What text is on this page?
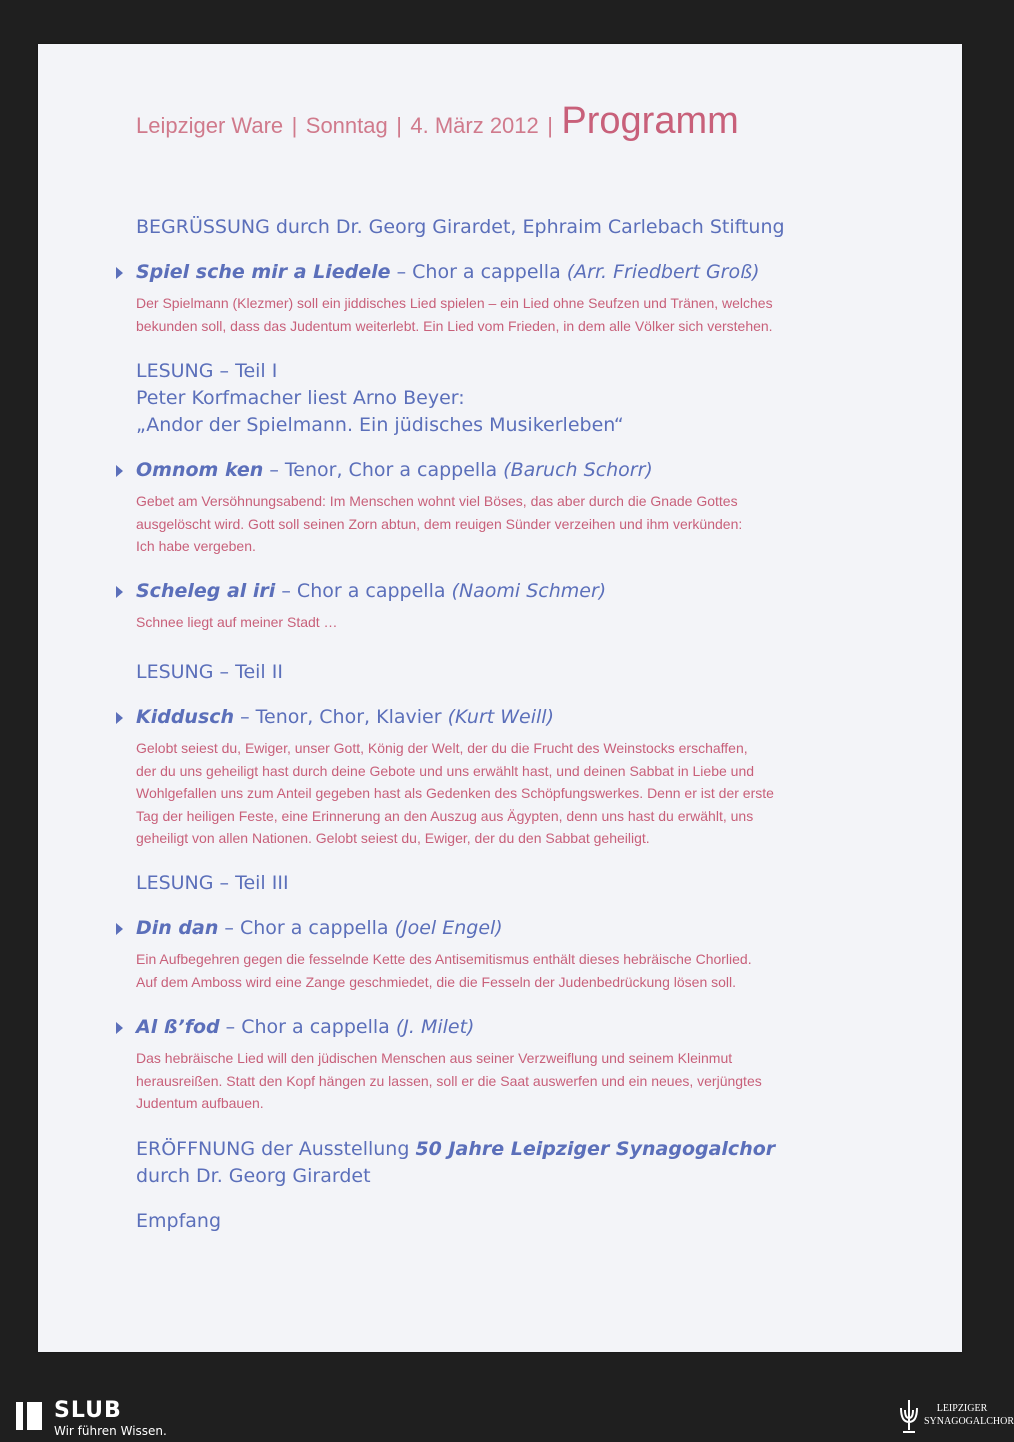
Leipziger Ware | Sonntag | 4. März 2012 | Programm
BEGRÜSSUNG durch Dr. Georg Girardet, Ephraim Carlebach Stiftung
Spiel sche mir a Liedele – Chor a cappella (Arr. Friedbert Groß)
Der Spielmann (Klezmer) soll ein jiddisches Lied spielen – ein Lied ohne Seufzen und Tränen, welches
bekunden soll, dass das Judentum weiterlebt. Ein Lied vom Frieden, in dem alle Völker sich verstehen.
LESUNG – Teil I
Peter Korfmacher liest Arno Beyer:
„Andor der Spielmann. Ein jüdisches Musikerleben“
Omnom ken – Tenor, Chor a cappella (Baruch Schorr)
Gebet am Versöhnungsabend: Im Menschen wohnt viel Böses, das aber durch die Gnade Gottes
ausgelöscht wird. Gott soll seinen Zorn abtun, dem reuigen Sünder verzeihen und ihm verkünden:
Ich habe vergeben.
Scheleg al iri – Chor a cappella (Naomi Schmer)
Schnee liegt auf meiner Stadt …
LESUNG – Teil II
Kiddusch – Tenor, Chor, Klavier (Kurt Weill)
Gelobt seiest du, Ewiger, unser Gott, König der Welt, der du die Frucht des Weinstocks erschaffen,
der du uns geheiligt hast durch deine Gebote und uns erwählt hast, und deinen Sabbat in Liebe und
Wohlgefallen uns zum Anteil gegeben hast als Gedenken des Schöpfungswerkes. Denn er ist der erste
Tag der heiligen Feste, eine Erinnerung an den Auszug aus Ägypten, denn uns hast du erwählt, uns
geheiligt von allen Nationen. Gelobt seiest du, Ewiger, der du den Sabbat geheiligt.
LESUNG – Teil III
Din dan – Chor a cappella (Joel Engel)
Ein Aufbegehren gegen die fesselnde Kette des Antisemitismus enthält dieses hebräische Chorlied.
Auf dem Amboss wird eine Zange geschmiedet, die die Fesseln der Judenbedrückung lösen soll.
Al ß’fod – Chor a cappella (J. Milet)
Das hebräische Lied will den jüdischen Menschen aus seiner Verzweiflung und seinem Kleinmut
herausreißen. Statt den Kopf hängen zu lassen, soll er die Saat auswerfen und ein neues, verjüngtes
Judentum aufbauen.
ERÖFFNUNG der Ausstellung 50 Jahre Leipziger Synagogalchor
durch Dr. Georg Girardet
Empfang
SLUB
Wir führen Wissen.
LEIPZIGER
SYNAGOGALCHOR
